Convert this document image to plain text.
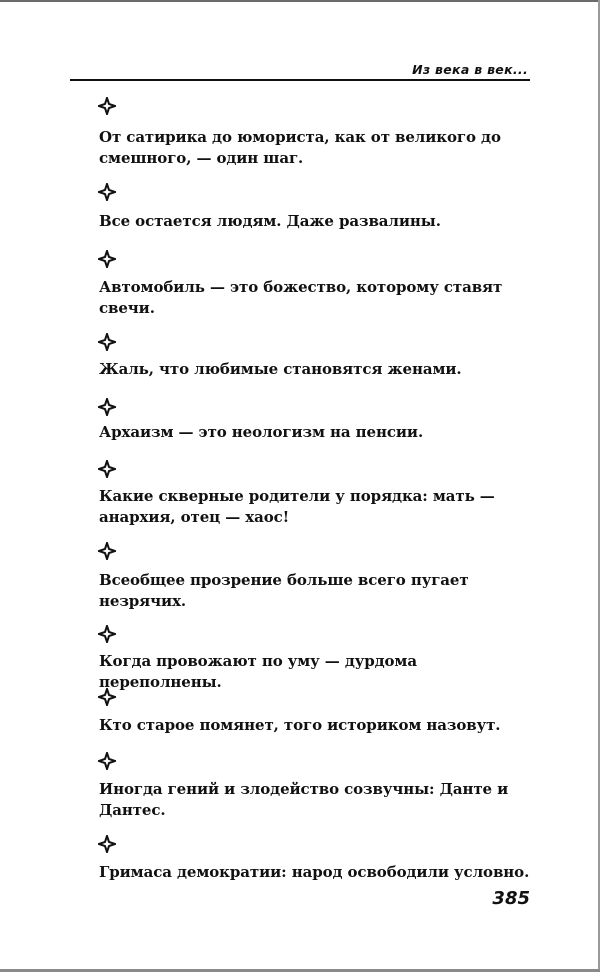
Из века в век...
От сатирика до юмориста, как от великого до смешного, — один шаг.
Все остается людям. Даже развалины.
Автомобиль — это божество, которому ставят свечи.
Жаль, что любимые становятся женами.
Архаизм — это неологизм на пенсии.
Какие скверные родители у порядка: мать — анархия, отец — хаос!
Всеобщее прозрение больше всего пугает незрячих.
Когда провожают по уму — дурдома переполнены.
Кто старое помянет, того историком назовут.
Иногда гений и злодейство созвучны: Данте и Дантес.
Гримаса демократии: народ освободили условно.
385
